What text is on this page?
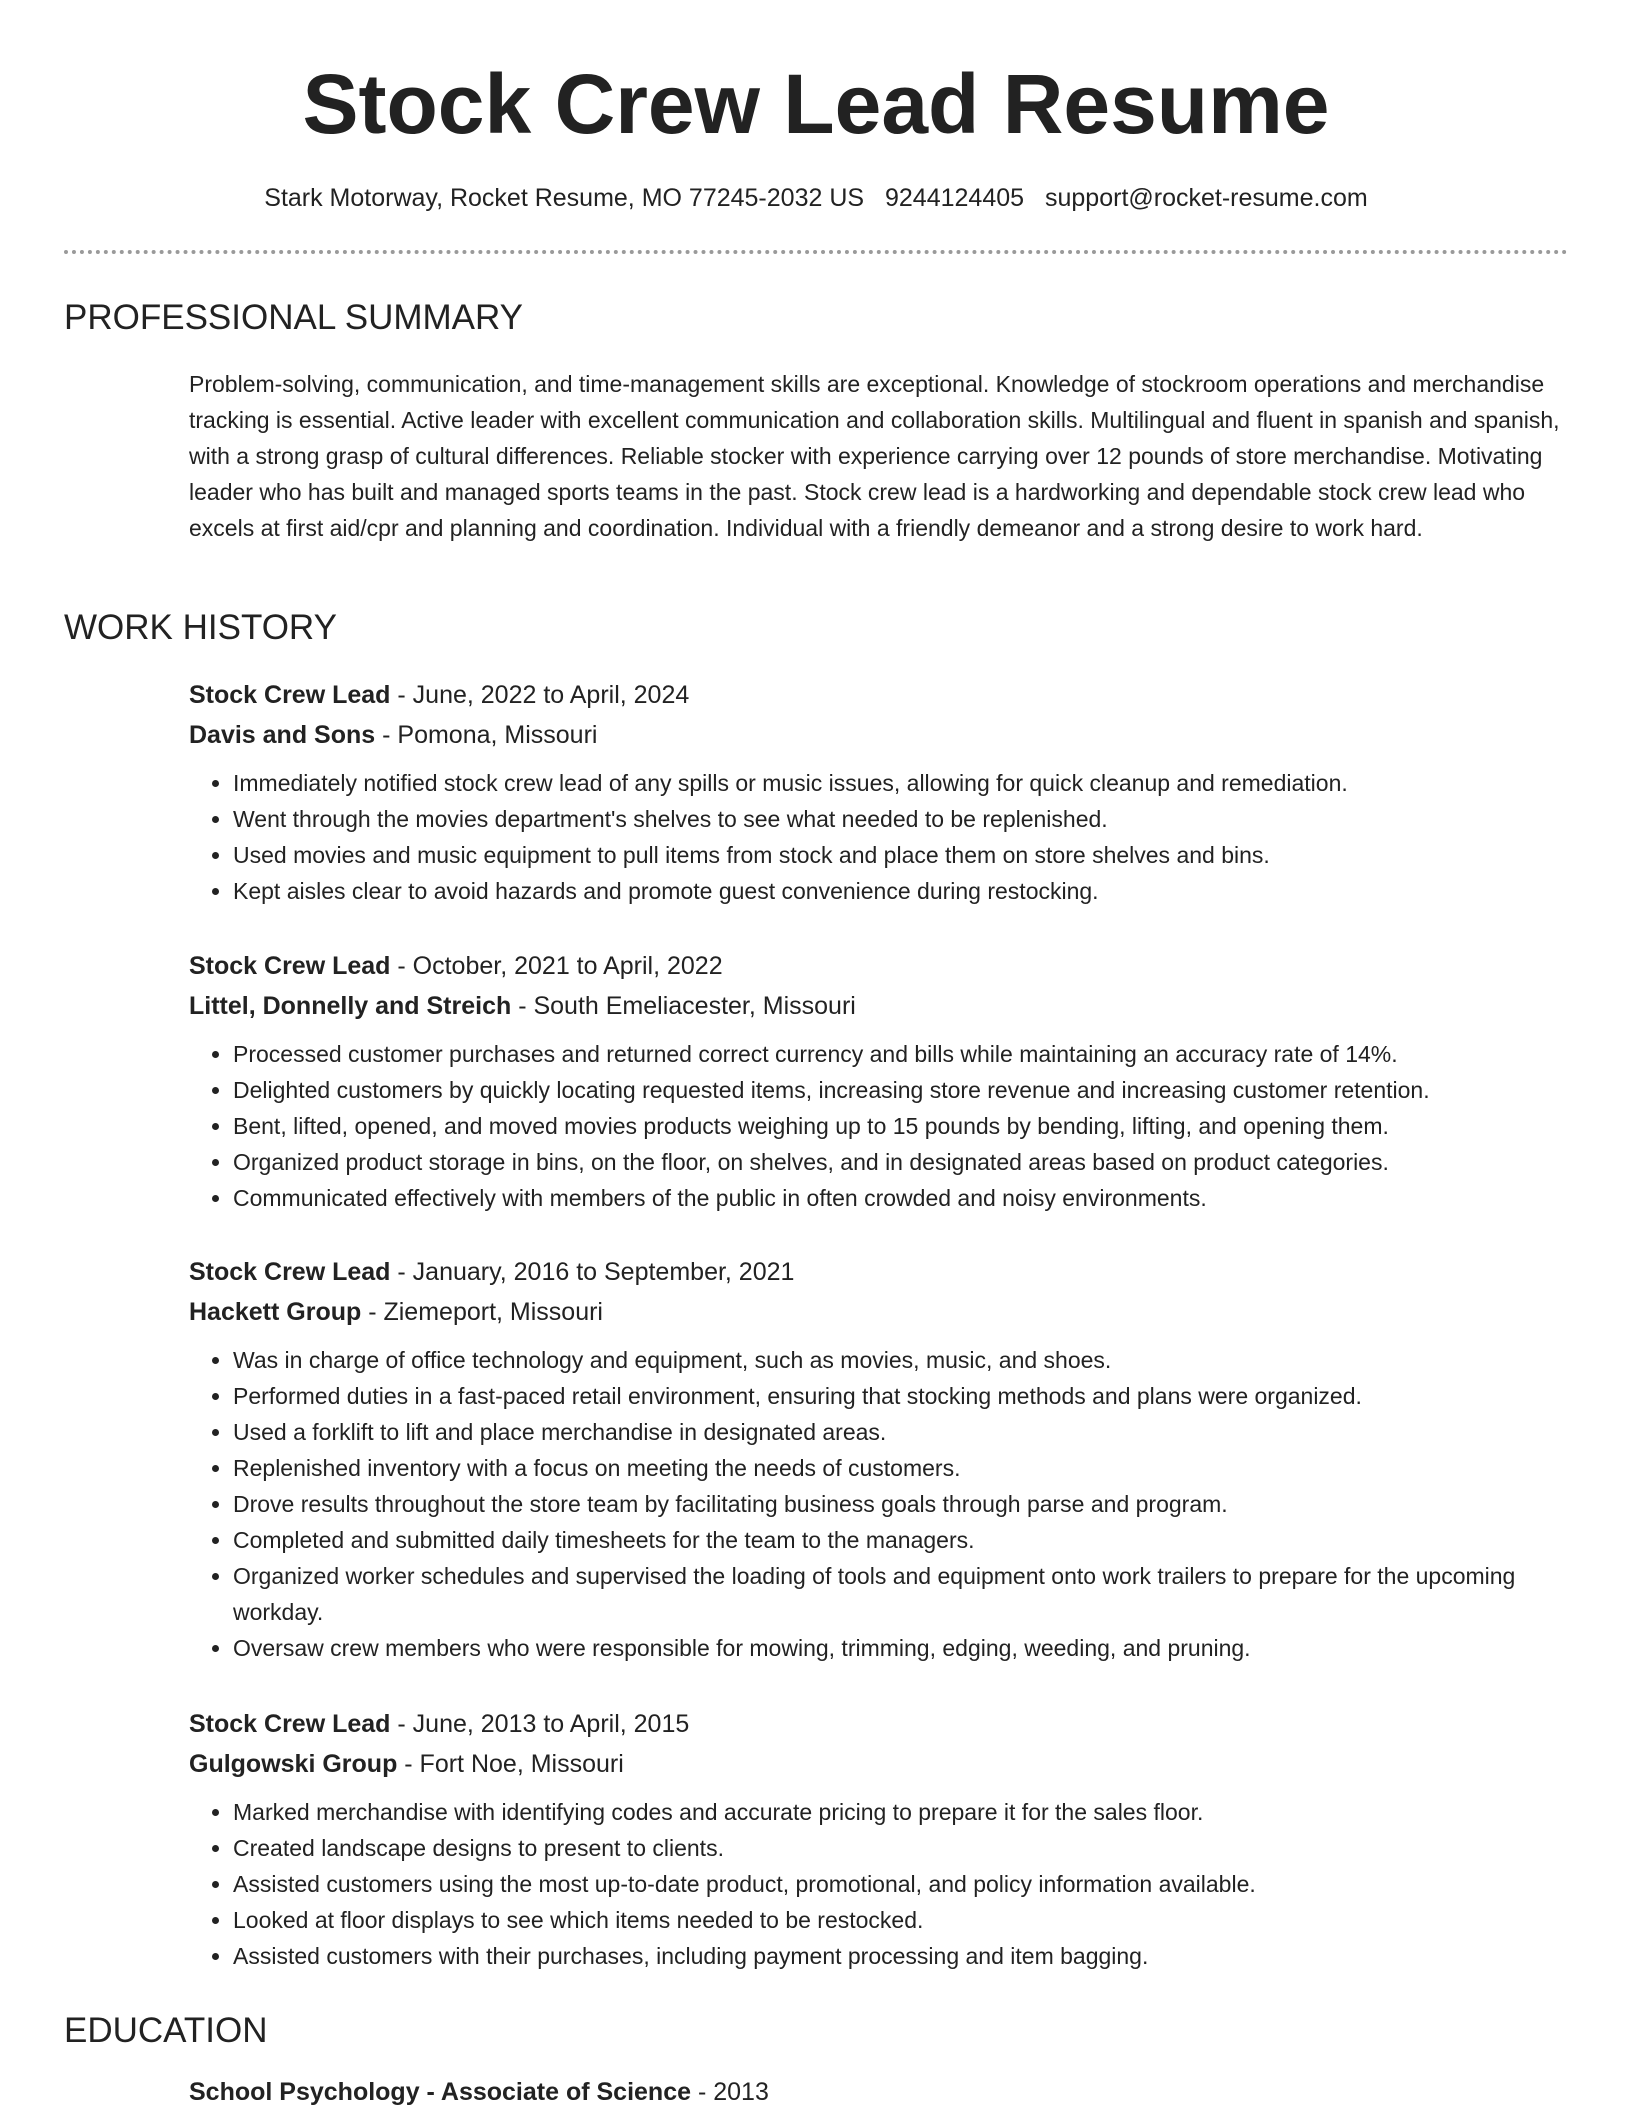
Stock Crew Lead Resume
Stark Motorway, Rocket Resume, MO 77245-2032 US 9244124405 support@rocket-resume.com
PROFESSIONAL SUMMARY

Problem-solving, communication, and time-management skills are exceptional. Knowledge of stockroom operations and merchandise tracking is essential. Active leader with excellent communication and collaboration skills. Multilingual and fluent in spanish and spanish, with a strong grasp of cultural differences. Reliable stocker with experience carrying over 12 pounds of store merchandise. Motivating leader who has built and managed sports teams in the past. Stock crew lead is a hardworking and dependable stock crew lead who excels at first aid/cpr and planning and coordination. Individual with a friendly demeanor and a strong desire to work hard.

WORK HISTORY

Stock Crew Lead - June, 2022 to April, 2024

Davis and Sons - Pomona, Missouri

• Immediately notified stock crew lead of any spills or music issues, allowing for quick cleanup and remediation.
• Went through the movies department's shelves to see what needed to be replenished.
• Used movies and music equipment to pull items from stock and place them on store shelves and bins.
• Kept aisles clear to avoid hazards and promote guest convenience during restocking.

Stock Crew Lead - October, 2021 to April, 2022

Littel, Donnelly and Streich - South Emeliacester, Missouri

• Processed customer purchases and returned correct currency and bills while maintaining an accuracy rate of 14%.
• Delighted customers by quickly locating requested items, increasing store revenue and increasing customer retention.
• Bent, lifted, opened, and moved movies products weighing up to 15 pounds by bending, lifting, and opening them.
• Organized product storage in bins, on the floor, on shelves, and in designated areas based on product categories.
• Communicated effectively with members of the public in often crowded and noisy environments.

Stock Crew Lead - January, 2016 to September, 2021

Hackett Group - Ziemeport, Missouri

• Was in charge of office technology and equipment, such as movies, music, and shoes.
• Performed duties in a fast-paced retail environment, ensuring that stocking methods and plans were organized.
• Used a forklift to lift and place merchandise in designated areas.
• Replenished inventory with a focus on meeting the needs of customers.
• Drove results throughout the store team by facilitating business goals through parse and program.
• Completed and submitted daily timesheets for the team to the managers.
• Organized worker schedules and supervised the loading of tools and equipment onto work trailers to prepare for the upcoming workday.
• Oversaw crew members who were responsible for mowing, trimming, edging, weeding, and pruning.

Stock Crew Lead - June, 2013 to April, 2015

Gulgowski Group - Fort Noe, Missouri

• Marked merchandise with identifying codes and accurate pricing to prepare it for the sales floor.
• Created landscape designs to present to clients.
• Assisted customers using the most up-to-date product, promotional, and policy information available.
• Looked at floor displays to see which items needed to be restocked.
• Assisted customers with their purchases, including payment processing and item bagging.
EDUCATION

School Psychology - Associate of Science - 2013
